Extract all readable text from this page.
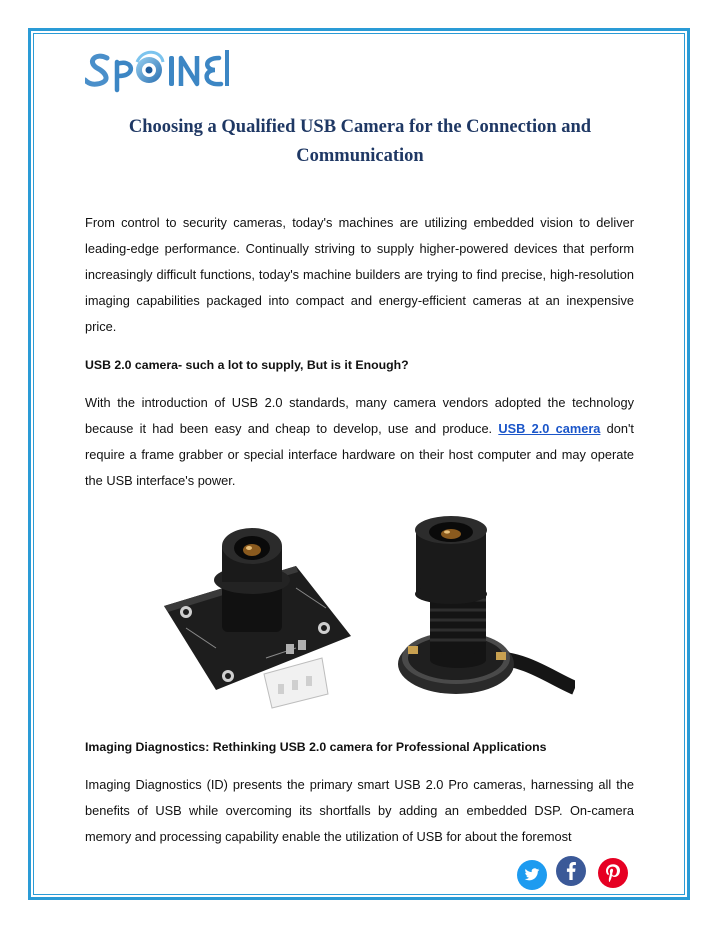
Choosing a Qualified USB Camera for the Connection and Communication
From control to security cameras, today's machines are utilizing embedded vision to deliver leading-edge performance. Continually striving to supply higher-powered devices that perform increasingly difficult functions, today's machine builders are trying to find precise, high-resolution imaging capabilities packaged into compact and energy-efficient cameras at an inexpensive price.
USB 2.0 camera- such a lot to supply, But is it Enough?
With the introduction of USB 2.0 standards, many camera vendors adopted the technology because it had been easy and cheap to develop, use and produce. USB 2.0 camera don't require a frame grabber or special interface hardware on their host computer and may operate the USB interface's power.
Imaging Diagnostics: Rethinking USB 2.0 camera for Professional Applications
Imaging Diagnostics (ID) presents the primary smart USB 2.0 Pro cameras, harnessing all the benefits of USB while overcoming its shortfalls by adding an embedded DSP. On-camera memory and processing capability enable the utilization of USB for about the foremost
